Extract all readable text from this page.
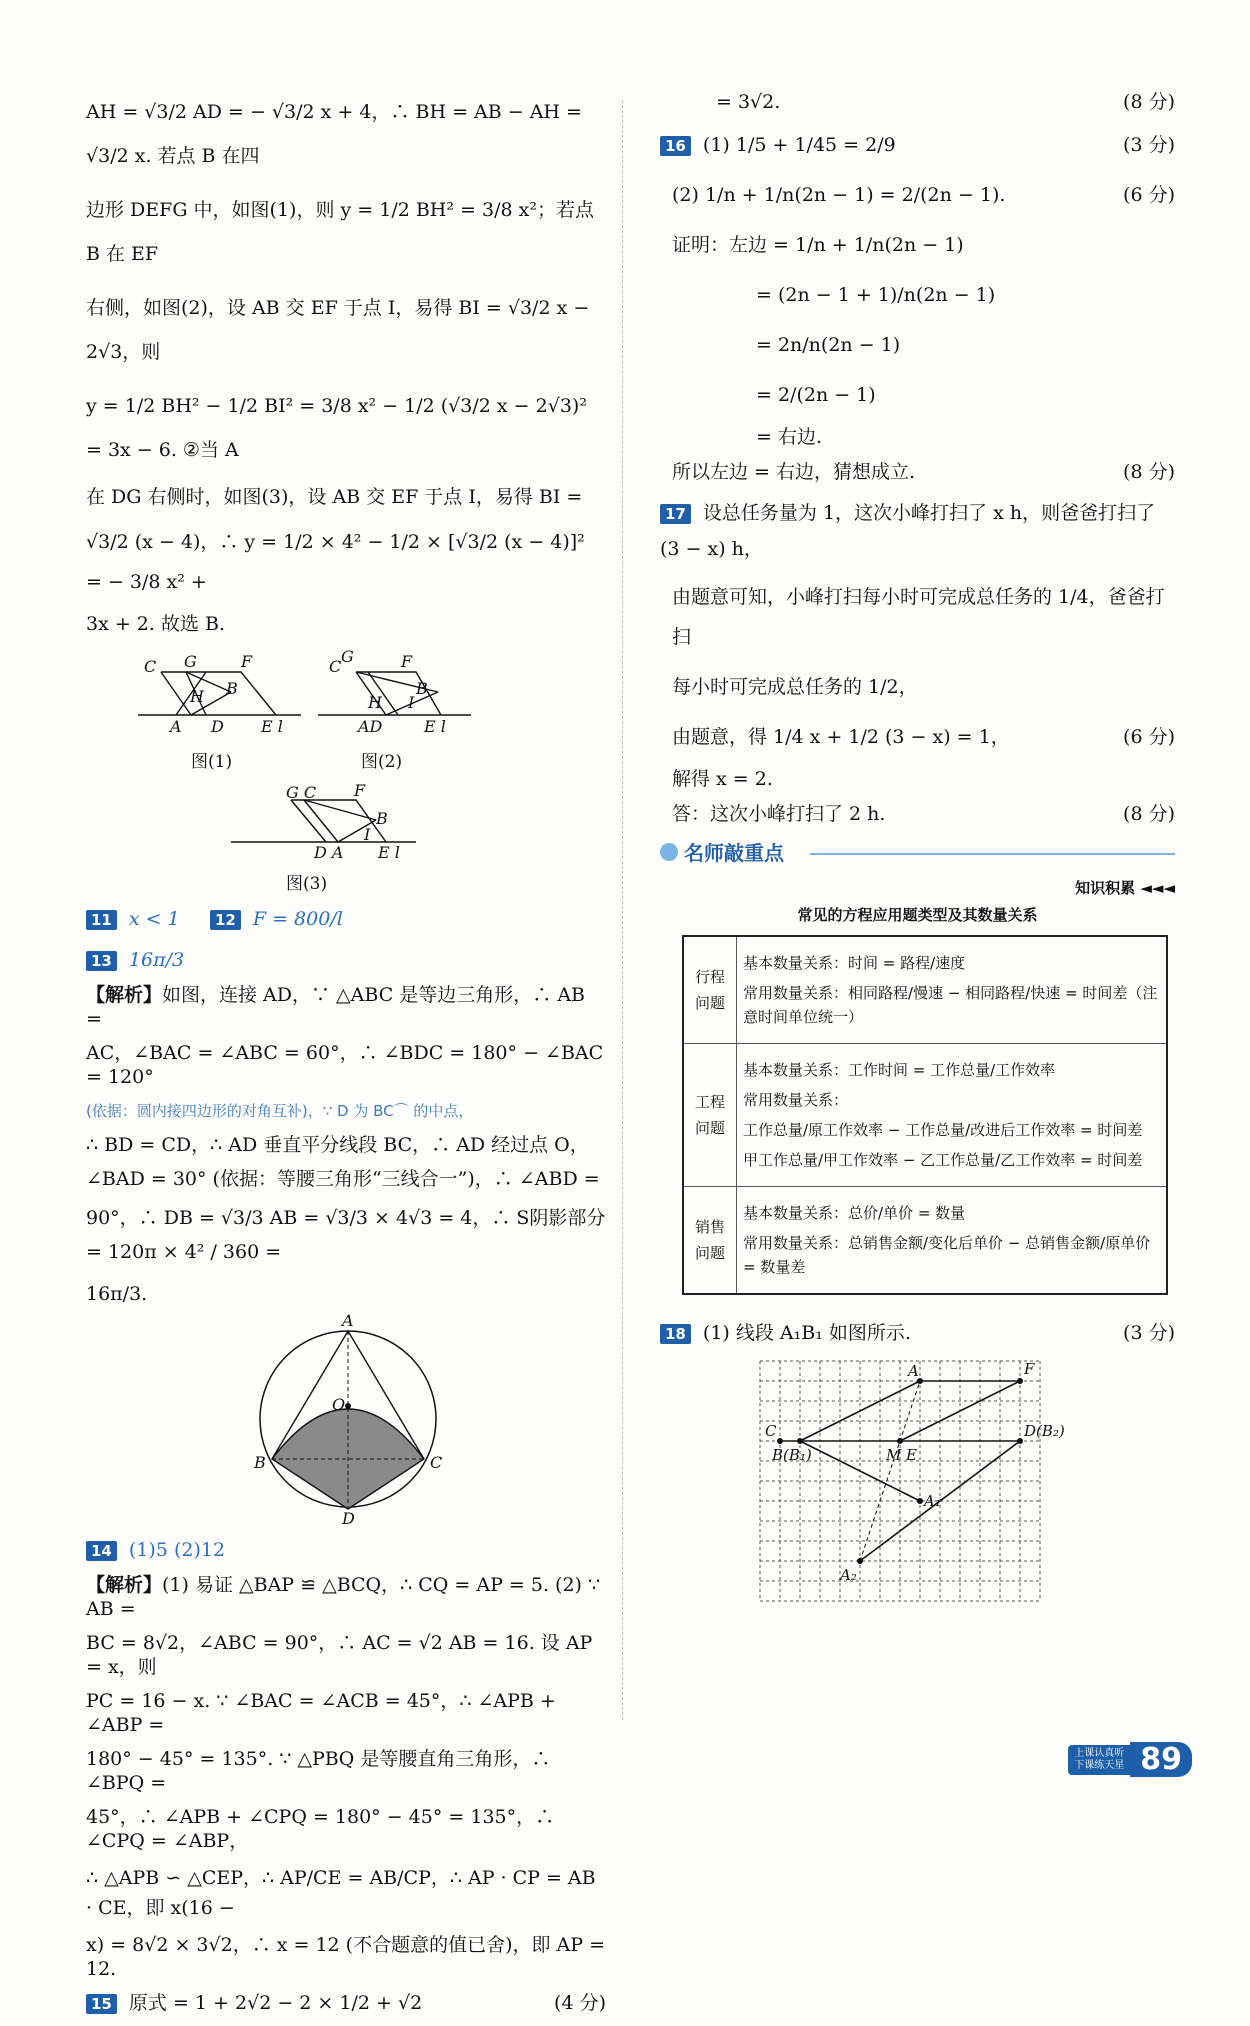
AH = √3/2 AD = − √3/2 x + 4，∴ BH = AB − AH = √3/2 x. 若点 B 在四

边形 DEFG 中，如图(1)，则 y = 1/2 BH² = 3/8 x²；若点 B 在 EF

右侧，如图(2)，设 AB 交 EF 于点 I，易得 BI = √3/2 x − 2√3，则

y = 1/2 BH² − 1/2 BI² = 3/8 x² − 1/2 (√3/2 x − 2√3)² = 3x − 6. ②当 A

在 DG 右侧时，如图(3)，设 AB 交 EF 于点 I，易得 BI =

√3/2 (x − 4)，∴ y = 1/2 × 4² − 1/2 × [√3/2 (x − 4)]² = − 3/8 x² +

3x + 2. 故选 B.

C G	F
B
H
A D E l
图(1)
C
G	F
B
H I
AD	E l
图(2)
G C F
B
I
D A E l
图(3)

11 x < 1 12 F = 800/l

13 16π/3

【解析】如图，连接 AD，∵ △ABC 是等边三角形，∴ AB =

AC，∠BAC = ∠ABC = 60°，∴ ∠BDC = 180° − ∠BAC = 120°

(依据：圆内接四边形的对角互补)，∵ D 为 BC⌒ 的中点，

∴ BD = CD，∴ AD 垂直平分线段 BC，∴ AD 经过点 O，

∠BAD = 30° (依据：等腰三角形“三线合一”)，∴ ∠ABD =

90°，∴ DB = √3/3 AB = √3/3 × 4√3 = 4，∴ S阴影部分 = 120π × 4² / 360 =

16π/3.

A
O
B	C
D

14 (1)5 (2)12

【解析】(1) 易证 △BAP ≌ △BCQ，∴ CQ = AP = 5. (2) ∵ AB =

BC = 8√2，∠ABC = 90°，∴ AC = √2 AB = 16. 设 AP = x，则

PC = 16 − x. ∵ ∠BAC = ∠ACB = 45°，∴ ∠APB + ∠ABP =

180° − 45° = 135°. ∵ △PBQ 是等腰直角三角形，∴ ∠BPQ =

45°，∴ ∠APB + ∠CPQ = 180° − 45° = 135°，∴ ∠CPQ = ∠ABP，

∴ △APB ∽ △CEP，∴ AP/CE = AB/CP，∴ AP · CP = AB · CE，即 x(16 −

x) = 8√2 × 3√2，∴ x = 12 (不合题意的值已舍)，即 AP = 12.

15 原式 = 1 + 2√2 − 2 × 1/2 + √2	(4 分)

= 3√2.	(8 分)

16 (1) 1/5 + 1/45 = 2/9	(3 分)

(2) 1/n + 1/n(2n − 1) = 2/(2n − 1).	(6 分)

证明：左边 = 1/n + 1/n(2n − 1)

= (2n − 1 + 1)/n(2n − 1)

= 2n/n(2n − 1)

= 2/(2n − 1)

= 右边.

所以左边 = 右边，猜想成立.	(8 分)

17 设总任务量为 1，这次小峰打扫了 x h，则爸爸打扫了 (3 − x) h，

由题意可知，小峰打扫每小时可完成总任务的 1/4，爸爸打扫

每小时可完成总任务的 1/2，

由题意，得 1/4 x + 1/2 (3 − x) = 1，	(6 分)

解得 x = 2.

答：这次小峰打扫了 2 h.	(8 分)

名师敲重点
知识积累 ◄◄◄
常见的方程应用题类型及其数量关系
行程问题	基本数量关系：时间 = 路程/速度
常用数量关系：相同路程/慢速 − 相同路程/快速 = 时间差（注意时间单位统一）

工程问题	基本数量关系：工作时间 = 工作总量/工作效率
常用数量关系：
工作总量/原工作效率 − 工作总量/改进后工作效率 = 时间差
甲工作总量/甲工作效率 − 乙工作总量/乙工作效率 = 时间差

销售问题	基本数量关系：总价/单价 = 数量
常用数量关系：总销售金额/变化后单价 − 总销售金额/原单价 = 数量差

18 (1) 线段 A₁B₁ 如图所示.	(3 分)

A	F
C
B(B₁)	M E
D(B₂)
A₁
A₂
上课认真听
下课练天星 89
